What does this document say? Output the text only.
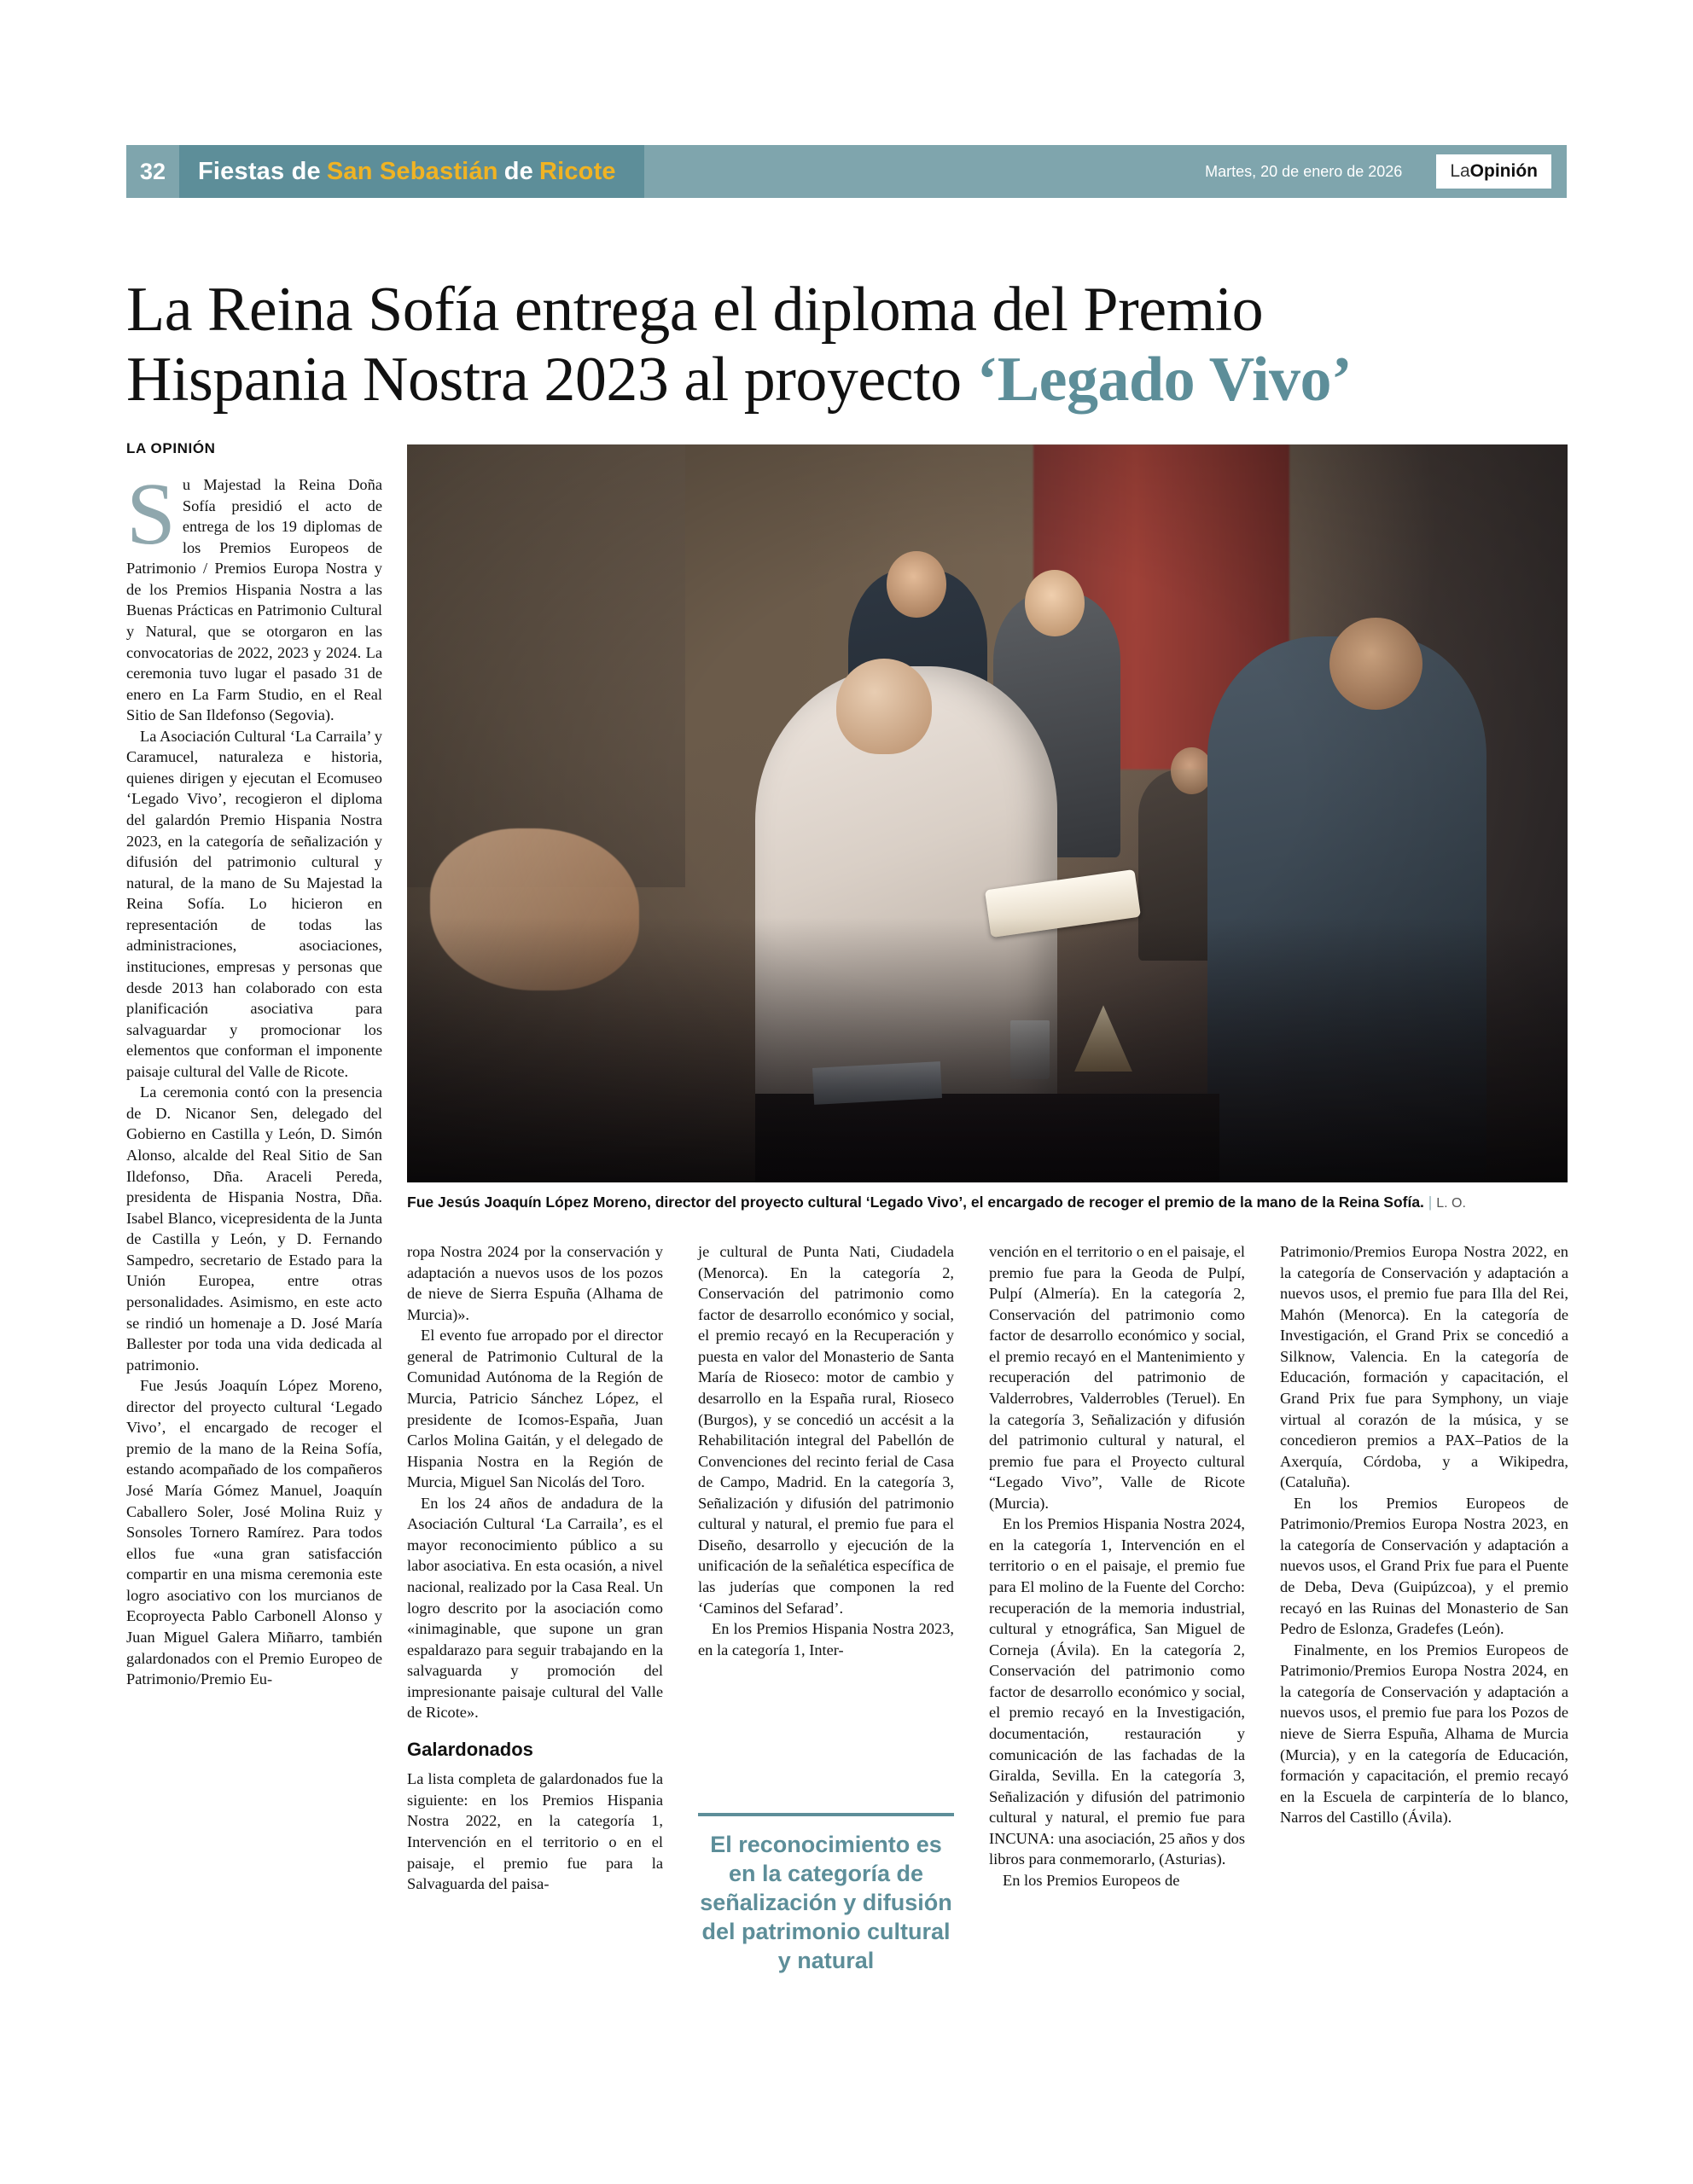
32	Fiestas de San Sebastián de Ricote	Martes, 20 de enero de 2026	La Opinión
La Reina Sofía entrega el diploma del Premio
Hispania Nostra 2023 al proyecto ‘Legado Vivo’
LA OPINIÓN
Fue Jesús Joaquín López Moreno, director del proyecto cultural ‘Legado Vivo’, el encargado de recoger el premio de la mano de la Reina Sofía. | L. O.

Su Majestad la Reina Doña Sofía presidió el acto de entrega de los 19 diplomas de los Premios Europeos de Patrimonio / Premios Europa Nostra y de los Premios Hispania Nostra a las Buenas Prácticas en Patrimonio Cultural y Natural, que se otorgaron en las convocatorias de 2022, 2023 y 2024. La ceremonia tuvo lugar el pasado 31 de enero en La Farm Studio, en el Real Sitio de San Ildefonso (Segovia).

La Asociación Cultural ‘La Carraila’ y Caramucel, naturaleza e historia, quienes dirigen y ejecutan el Ecomuseo ‘Legado Vivo’, recogieron el diploma del galardón Premio Hispania Nostra 2023, en la categoría de señalización y difusión del patrimonio cultural y natural, de la mano de Su Majestad la Reina Sofía. Lo hicieron en representación de todas las administraciones, asociaciones, instituciones, empresas y personas que desde 2013 han colaborado con esta planificación asociativa para salvaguardar y promocionar los elementos que conforman el imponente paisaje cultural del Valle de Ricote.

La ceremonia contó con la presencia de D. Nicanor Sen, delegado del Gobierno en Castilla y León, D. Simón Alonso, alcalde del Real Sitio de San Ildefonso, Dña. Araceli Pereda, presidenta de Hispania Nostra, Dña. Isabel Blanco, vicepresidenta de la Junta de Castilla y León, y D. Fernando Sampedro, secretario de Estado para la Unión Europea, entre otras personalidades. Asimismo, en este acto se rindió un homenaje a D. José María Ballester por toda una vida dedicada al patrimonio.

Fue Jesús Joaquín López Moreno, director del proyecto cultural ‘Legado Vivo’, el encargado de recoger el premio de la mano de la Reina Sofía, estando acompañado de los compañeros José María Gómez Manuel, Joaquín Caballero Soler, José Molina Ruiz y Sonsoles Tornero Ramírez. Para todos ellos fue «una gran satisfacción compartir en una misma ceremonia este logro asociativo con los murcianos de Ecoproyecta Pablo Carbonell Alonso y Juan Miguel Galera Miñarro, también galardonados con el Premio Europeo de Patrimonio/Premio Eu-

ropa Nostra 2024 por la conservación y adaptación a nuevos usos de los pozos de nieve de Sierra Espuña (Alhama de Murcia)».

El evento fue arropado por el director general de Patrimonio Cultural de la Comunidad Autónoma de la Región de Murcia, Patricio Sánchez López, el presidente de Icomos-España, Juan Carlos Molina Gaitán, y el delegado de Hispania Nostra en la Región de Murcia, Miguel San Nicolás del Toro.

En los 24 años de andadura de la Asociación Cultural ‘La Carraila’, es el mayor reconocimiento público a su labor asociativa. En esta ocasión, a nivel nacional, realizado por la Casa Real. Un logro descrito por la asociación como «inimaginable, que supone un gran espaldarazo para seguir trabajando en la salvaguarda y promoción del impresionante paisaje cultural del Valle de Ricote».

Galardonados

La lista completa de galardonados fue la siguiente: en los Premios Hispania Nostra 2022, en la categoría 1, Intervención en el territorio o en el paisaje, el premio fue para la Salvaguarda del paisa-

je cultural de Punta Nati, Ciudadela (Menorca). En la categoría 2, Conservación del patrimonio como factor de desarrollo económico y social, el premio recayó en la Recuperación y puesta en valor del Monasterio de Santa María de Rioseco: motor de cambio y desarrollo en la España rural, Rioseco (Burgos), y se concedió un accésit a la Rehabilitación integral del Pabellón de Convenciones del recinto ferial de Casa de Campo, Madrid. En la categoría 3, Señalización y difusión del patrimonio cultural y natural, el premio fue para el Diseño, desarrollo y ejecución de la unificación de la señalética específica de las juderías que componen la red ‘Caminos del Sefarad’.

En los Premios Hispania Nostra 2023, en la categoría 1, Inter-

El reconocimiento es en la categoría de señalización y difusión del patrimonio cultural y natural

vención en el territorio o en el paisaje, el premio fue para la Geoda de Pulpí, Pulpí (Almería). En la categoría 2, Conservación del patrimonio como factor de desarrollo económico y social, el premio recayó en el Mantenimiento y recuperación del patrimonio de Valderrobres, Valderrobles (Teruel). En la categoría 3, Señalización y difusión del patrimonio cultural y natural, el premio fue para el Proyecto cultural “Legado Vivo”, Valle de Ricote (Murcia).

En los Premios Hispania Nostra 2024, en la categoría 1, Intervención en el territorio o en el paisaje, el premio fue para El molino de la Fuente del Corcho: recuperación de la memoria industrial, cultural y etnográfica, San Miguel de Corneja (Ávila). En la categoría 2, Conservación del patrimonio como factor de desarrollo económico y social, el premio recayó en la Investigación, documentación, restauración y comunicación de las fachadas de la Giralda, Sevilla. En la categoría 3, Señalización y difusión del patrimonio cultural y natural, el premio fue para INCUNA: una asociación, 25 años y dos libros para conmemorarlo, (Asturias).

En los Premios Europeos de

Patrimonio/Premios Europa Nostra 2022, en la categoría de Conservación y adaptación a nuevos usos, el premio fue para Illa del Rei, Mahón (Menorca). En la categoría de Investigación, el Grand Prix se concedió a Silknow, Valencia. En la categoría de Educación, formación y capacitación, el Grand Prix fue para Symphony, un viaje virtual al corazón de la música, y se concedieron premios a PAX–Patios de la Axerquía, Córdoba, y a Wikipedra, (Cataluña).

En los Premios Europeos de Patrimonio/Premios Europa Nostra 2023, en la categoría de Conservación y adaptación a nuevos usos, el Grand Prix fue para el Puente de Deba, Deva (Guipúzcoa), y el premio recayó en las Ruinas del Monasterio de San Pedro de Eslonza, Gradefes (León).

Finalmente, en los Premios Europeos de Patrimonio/Premios Europa Nostra 2024, en la categoría de Conservación y adaptación a nuevos usos, el premio fue para los Pozos de nieve de Sierra Espuña, Alhama de Murcia (Murcia), y en la categoría de Educación, formación y capacitación, el premio recayó en la Escuela de carpintería de lo blanco, Narros del Castillo (Ávila).
